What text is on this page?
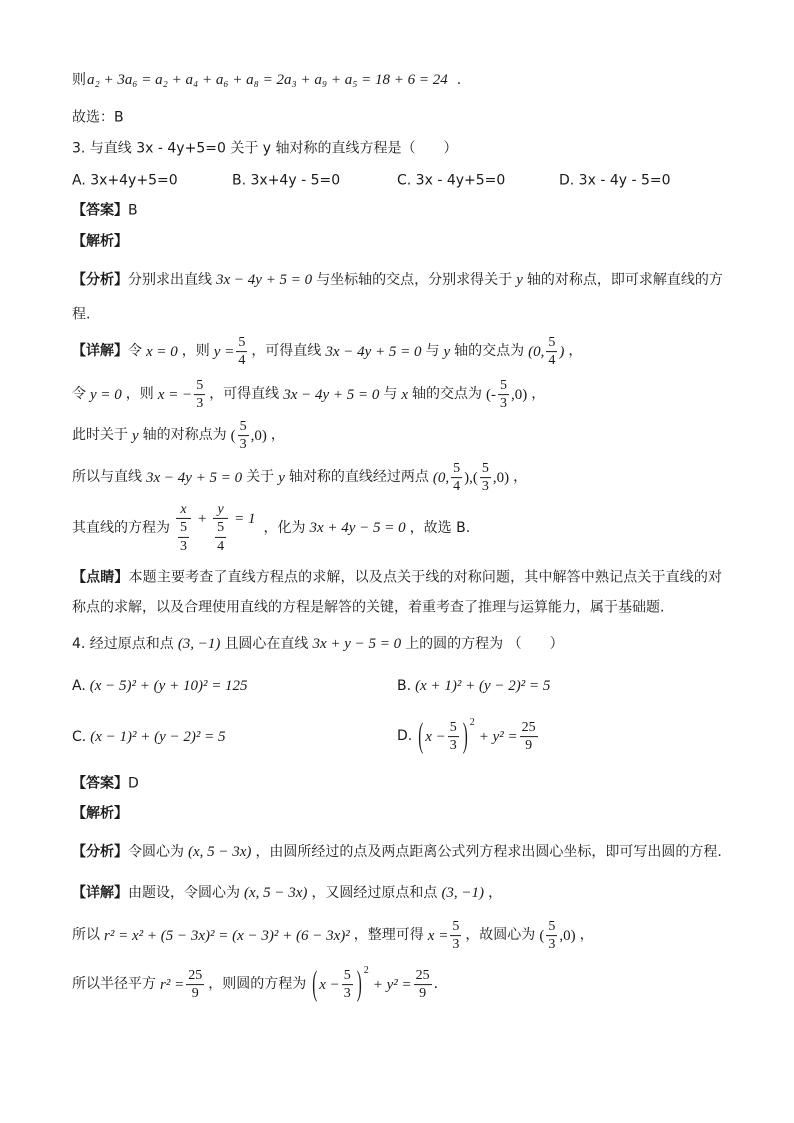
则 a₂ + 3a₆ = a₂ + a₄ + a₆ + a₈ = 2a₃ + a₉ + a₅ = 18 + 6 = 24 .
故选：B
3. 与直线 3x - 4y+5=0 关于 y 轴对称的直线方程是（　　）
A. 3x+4y+5=0	B. 3x+4y - 5=0	C. 3x - 4y+5=0	D. 3x - 4y - 5=0
【答案】 B
【解析】
【分析】 分别求出直线 3x − 4y + 5 = 0 与坐标轴的交点，分别求得关于 y 轴的对称点，即可求解直线的方
程.
【详解】 令 x = 0 ，则 $y = \frac{5}{4}$ ，可得直线 3x − 4y + 5 = 0 与 y 轴的交点为 (0, $\frac{5}{4}$ ) ，
令 y = 0 ，则 x = − $\frac{5}{3}$ ，可得直线 3x − 4y + 5 = 0 与 x 轴的交点为 (- $\frac{5}{3} ,0$) ，
此时关于 y 轴的对称点为 ( $\frac{5}{3} ,0$) ，
所以与直线 3x − 4y + 5 = 0 关于 y 轴对称的直线经过两点 (0, $\frac{5}{4}$ ),( $\frac{5}{3} ,0$) ，
其直线的方程为 $\frac{x}{\frac{5}{3}} + \frac{y}{\frac{5}{4}} = 1$
，化为 3x + 4y − 5 = 0 ，故选 B.
【点睛】本题主要考查了直线方程点的求解，以及点关于线的对称问题，其中解答中熟记点关于直线的对
称点的求解，以及合理使用直线的方程是解答的关键，着重考查了推理与运算能力，属于基础题.
4. 经过原点和点 (3, −1) 且圆心在直线 3x + y − 5 = 0 上的圆的方程为 （　　）
A. (x − 5)² + (y + 10)² = 125	B. (x + 1)² + (y − 2)² = 5
C. (x − 1)² + (y − 2)² = 5	D. ( $x - \frac{5}{3}$ ) 2
+ $y^2 = \frac{25}{9}$
【答案】 D
【解析】
【分析】 令圆心为 (x, 5 − 3x) ，由圆所经过的点及两点距离公式列方程求出圆心坐标，即可写出圆的方程.
【详解】 由题设，令圆心为 (x, 5 − 3x) ，又圆经过原点和点 (3, −1) ，
所以 r² = x² + (5 − 3x)² = (x − 3)² + (6 − 3x)² ，整理可得 $x = \frac{5}{3}$ ，故圆心为 ( $\frac{5}{3} ,0$) ，
所以半径平方 $r^2 = \frac{25}{9}$ ，则圆的方程为 ( $x - \frac{5}{3}$ ) 2
+ $y^2 = \frac{25}{9}$ .
